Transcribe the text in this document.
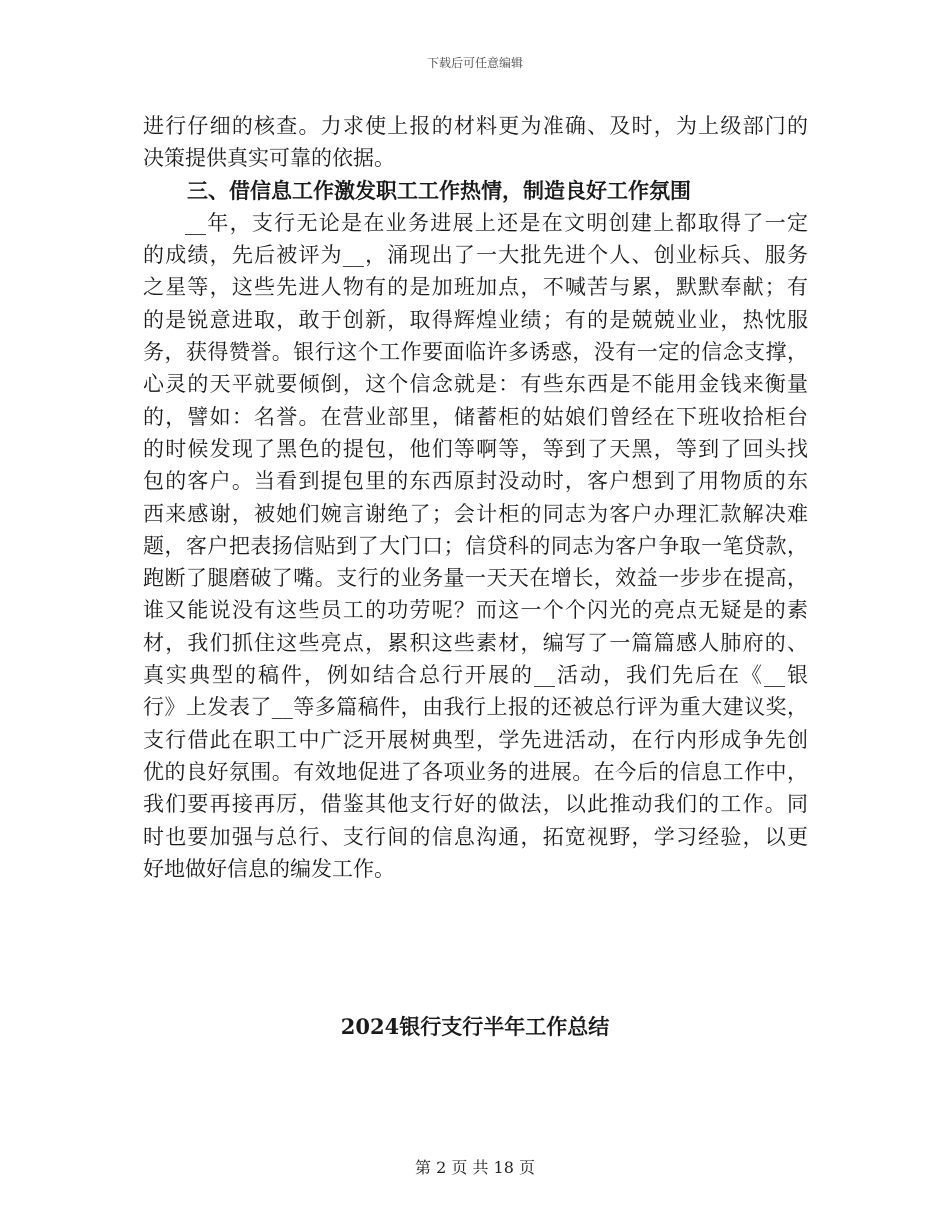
下载后可任意编辑
进行仔细的核查。力求使上报的材料更为准确、及时，为上级部门的
决策提供真实可靠的依据。
三、借信息工作激发职工工作热情，制造良好工作氛围
__年，支行无论是在业务进展上还是在文明创建上都取得了一定
的成绩，先后被评为__，涌现出了一大批先进个人、创业标兵、服务
之星等，这些先进人物有的是加班加点，不喊苦与累，默默奉献；有
的是锐意进取，敢于创新，取得辉煌业绩；有的是兢兢业业，热忱服
务，获得赞誉。银行这个工作要面临许多诱惑，没有一定的信念支撑，
心灵的天平就要倾倒，这个信念就是：有些东西是不能用金钱来衡量
的，譬如：名誉。在营业部里，储蓄柜的姑娘们曾经在下班收拾柜台
的时候发现了黑色的提包，他们等啊等，等到了天黑，等到了回头找
包的客户。当看到提包里的东西原封没动时，客户想到了用物质的东
西来感谢，被她们婉言谢绝了；会计柜的同志为客户办理汇款解决难
题，客户把表扬信贴到了大门口；信贷科的同志为客户争取一笔贷款，
跑断了腿磨破了嘴。支行的业务量一天天在增长，效益一步步在提高，
谁又能说没有这些员工的功劳呢？而这一个个闪光的亮点无疑是的素
材，我们抓住这些亮点，累积这些素材，编写了一篇篇感人肺府的、
真实典型的稿件，例如结合总行开展的__活动，我们先后在《__银
行》上发表了__等多篇稿件，由我行上报的还被总行评为重大建议奖，
支行借此在职工中广泛开展树典型，学先进活动，在行内形成争先创
优的良好氛围。有效地促进了各项业务的进展。在今后的信息工作中，
我们要再接再厉，借鉴其他支行好的做法，以此推动我们的工作。同
时也要加强与总行、支行间的信息沟通，拓宽视野，学习经验，以更
好地做好信息的编发工作。
2024银行支行半年工作总结
第 2 页 共 18 页
